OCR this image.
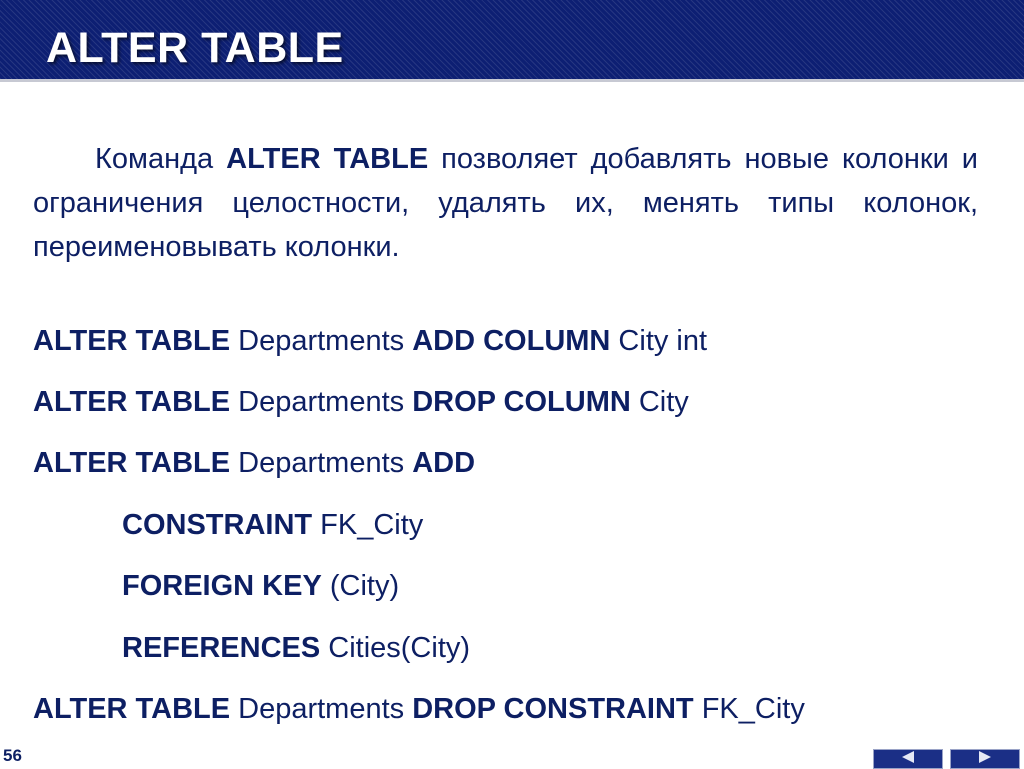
ALTER TABLE

Команда ALTER TABLE позволяет добавлять новые колонки и ограничения целостности, удалять их, менять типы колонок, переименовывать колонки.

ALTER TABLE Departments ADD COLUMN City int

ALTER TABLE Departments DROP COLUMN City

ALTER TABLE Departments ADD

CONSTRAINT FK_City

FOREIGN KEY (City)

REFERENCES Cities(City)

ALTER TABLE Departments DROP CONSTRAINT FK_City

56
